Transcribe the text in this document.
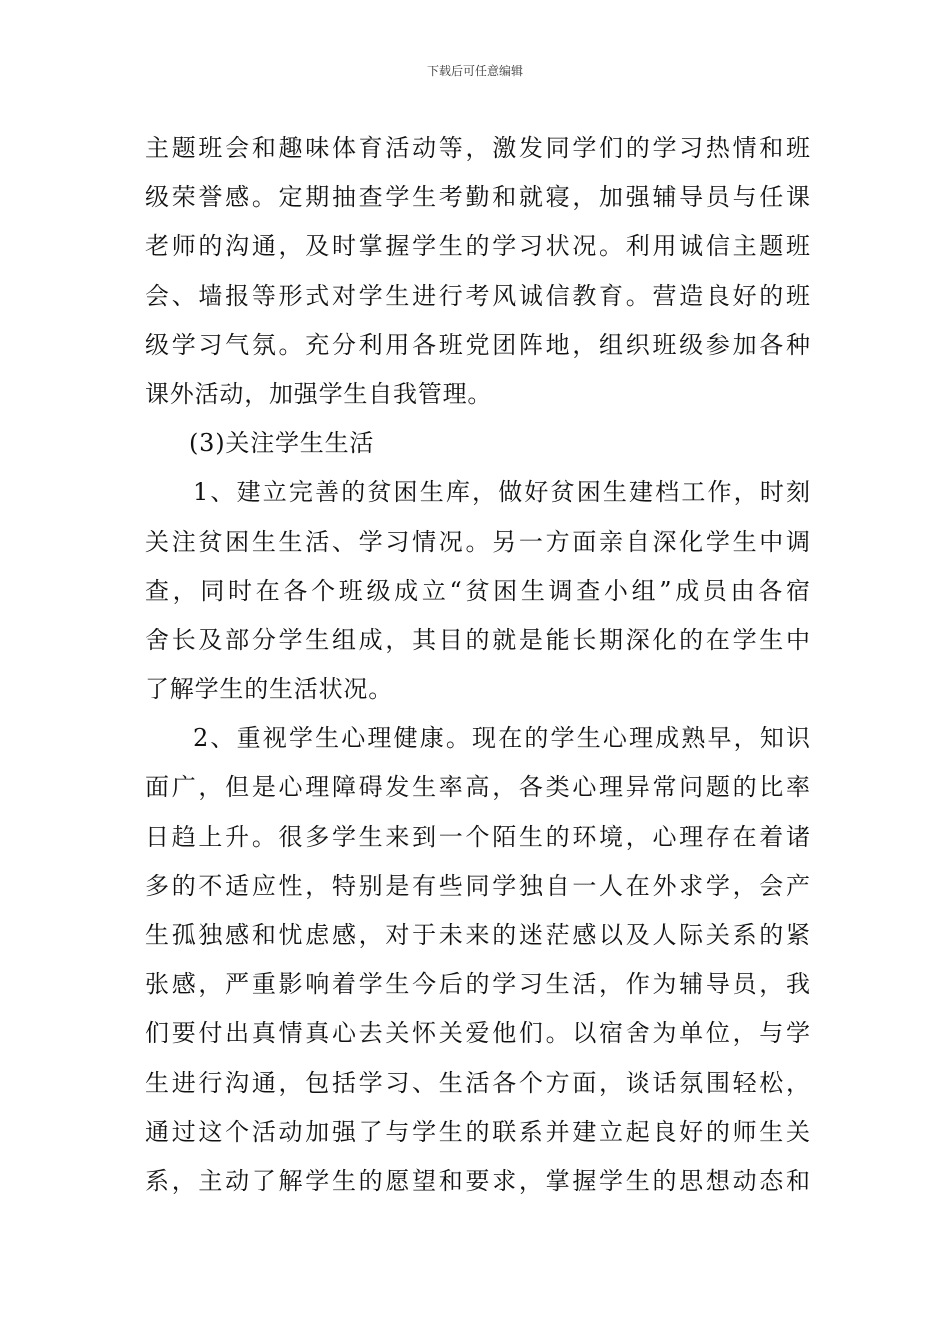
下载后可任意编辑
主题班会和趣味体育活动等，激发同学们的学习热情和班
级荣誉感。定期抽查学生考勤和就寝，加强辅导员与任课
老师的沟通，及时掌握学生的学习状况。利用诚信主题班
会、墙报等形式对学生进行考风诚信教育。营造良好的班
级学习气氛。充分利用各班党团阵地，组织班级参加各种
课外活动，加强学生自我管理。
(3)关注学生生活
1、建立完善的贫困生库，做好贫困生建档工作，时刻
关注贫困生生活、学习情况。另一方面亲自深化学生中调
查，同时在各个班级成立“贫困生调查小组”成员由各宿
舍长及部分学生组成，其目的就是能长期深化的在学生中
了解学生的生活状况。
2、重视学生心理健康。现在的学生心理成熟早，知识
面广，但是心理障碍发生率高，各类心理异常问题的比率
日趋上升。很多学生来到一个陌生的环境，心理存在着诸
多的不适应性，特别是有些同学独自一人在外求学，会产
生孤独感和忧虑感，对于未来的迷茫感以及人际关系的紧
张感，严重影响着学生今后的学习生活，作为辅导员，我
们要付出真情真心去关怀关爱他们。以宿舍为单位，与学
生进行沟通，包括学习、生活各个方面，谈话氛围轻松，
通过这个活动加强了与学生的联系并建立起良好的师生关
系，主动了解学生的愿望和要求，掌握学生的思想动态和
